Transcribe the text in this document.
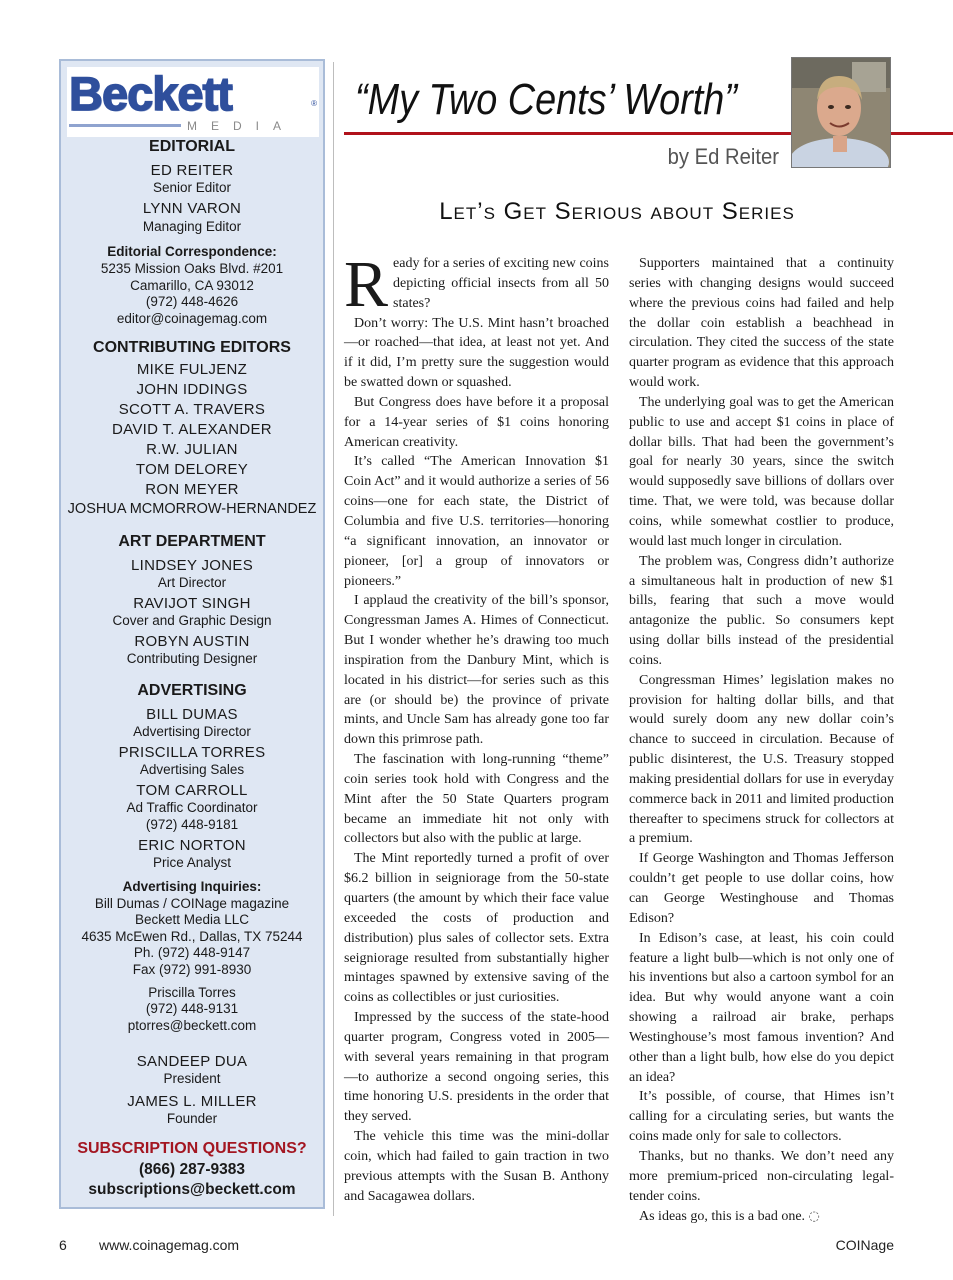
Beckett	®
MEDIA
EDITORIAL
ED REITER
Senior Editor
LYNN VARON
Managing Editor
Editorial Correspondence:
5235 Mission Oaks Blvd. #201
Camarillo, CA 93012
(972) 448-4626
editor@coinagemag.com
CONTRIBUTING EDITORS
MIKE FULJENZ
JOHN IDDINGS
SCOTT A. TRAVERS
DAVID T. ALEXANDER
R.W. JULIAN
TOM DELOREY
RON MEYER
JOSHUA MCMORROW-HERNANDEZ
ART DEPARTMENT
LINDSEY JONES
Art Director
RAVIJOT SINGH
Cover and Graphic Design
ROBYN AUSTIN
Contributing Designer
ADVERTISING
BILL DUMAS
Advertising Director
PRISCILLA TORRES
Advertising Sales
TOM CARROLL
Ad Traffic Coordinator
(972) 448-9181
ERIC NORTON
Price Analyst
Advertising Inquiries:
Bill Dumas / COINage magazine
Beckett Media LLC
4635 McEwen Rd., Dallas, TX 75244
Ph. (972) 448-9147
Fax (972) 991-8930
Priscilla Torres
(972) 448-9131
ptorres@beckett.com
SANDEEP DUA
President
JAMES L. MILLER
Founder
SUBSCRIPTION QUESTIONS?
(866) 287-9383
subscriptions@beckett.com
“My Two Cents’ Worth”
by Ed Reiter
Let’s Get Serious about Series

Ready for a series of exciting new coins depicting official insects from all 50 states?

Don’t worry: The U.S. Mint hasn’t broached—or roached—that idea, at least not yet. And if it did, I’m pretty sure the suggestion would be swatted down or squashed.

But Congress does have before it a proposal for a 14-year series of $1 coins honoring American creativity.

It’s called “The American Innovation $1 Coin Act” and it would authorize a series of 56 coins—one for each state, the District of Columbia and five U.S. territories—honoring “a significant innovation, an innovator or pioneer, [or] a group of innovators or pioneers.”

I applaud the creativity of the bill’s sponsor, Congressman James A. Himes of Connecticut. But I wonder whether he’s drawing too much inspiration from the Danbury Mint, which is located in his district—for series such as this are (or should be) the province of private mints, and Uncle Sam has already gone too far down this primrose path.

The fascination with long-running “theme” coin series took hold with Congress and the Mint after the 50 State Quarters program became an immediate hit not only with collectors but also with the public at large.

The Mint reportedly turned a profit of over $6.2 billion in seigniorage from the 50-state quarters (the amount by which their face value exceeded the costs of production and distribution) plus sales of collector sets. Extra seigniorage resulted from substantially higher mintages spawned by extensive saving of the coins as collectibles or just curiosities.

Impressed by the success of the state-hood quarter program, Congress voted in 2005—with several years remaining in that program—to authorize a second ongoing series, this time honoring U.S. presidents in the order that they served.

The vehicle this time was the mini-dollar coin, which had failed to gain traction in two previous attempts with the Susan B. Anthony and Sacagawea dollars.

Supporters maintained that a continuity series with changing designs would succeed where the previous coins had failed and help the dollar coin establish a beachhead in circulation. They cited the success of the state quarter program as evidence that this approach would work.

The underlying goal was to get the American public to use and accept $1 coins in place of dollar bills. That had been the government’s goal for nearly 30 years, since the switch would supposedly save billions of dollars over time. That, we were told, was because dollar coins, while somewhat costlier to produce, would last much longer in circulation.

The problem was, Congress didn’t authorize a simultaneous halt in production of new $1 bills, fearing that such a move would antagonize the public. So consumers kept using dollar bills instead of the presidential coins.

Congressman Himes’ legislation makes no provision for halting dollar bills, and that would surely doom any new dollar coin’s chance to succeed in circulation. Because of public disinterest, the U.S. Treasury stopped making presidential dollars for use in everyday commerce back in 2011 and limited production thereafter to specimens struck for collectors at a premium.

If George Washington and Thomas Jefferson couldn’t get people to use dollar coins, how can George Westinghouse and Thomas Edison?

In Edison’s case, at least, his coin could feature a light bulb—which is not only one of his inventions but also a cartoon symbol for an idea. But why would anyone want a coin showing a railroad air brake, perhaps Westinghouse’s most famous invention? And other than a light bulb, how else do you depict an idea?

It’s possible, of course, that Himes isn’t calling for a circulating series, but wants the coins made only for sale to collectors.

Thanks, but no thanks. We don’t need any more premium-priced non-circulating legal-tender coins.

As ideas go, this is a bad one. ◌

6 www.coinagemag.com	COINage
